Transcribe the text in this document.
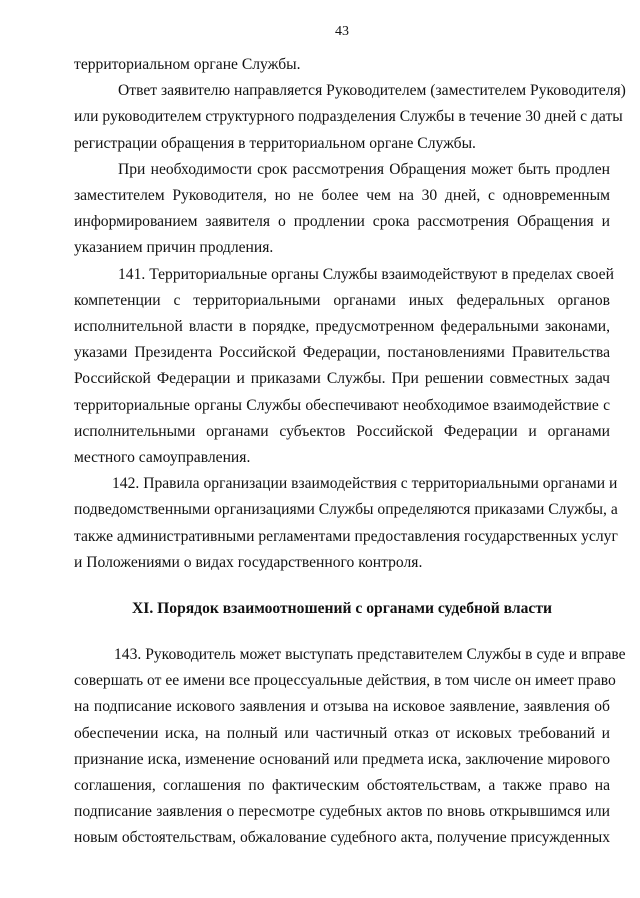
43
территориальном органе Службы.
Ответ заявителю направляется Руководителем (заместителем Руководителя)
или руководителем структурного подразделения Службы в течение 30 дней с даты
регистрации обращения в территориальном органе Службы.
При необходимости срок рассмотрения Обращения может быть продлен
заместителем Руководителя, но не более чем на 30 дней, с одновременным
информированием заявителя о продлении срока рассмотрения Обращения и
указанием причин продления.
141. Территориальные органы Службы взаимодействуют в пределах своей
компетенции с территориальными органами иных федеральных органов
исполнительной власти в порядке, предусмотренном федеральными законами,
указами Президента Российской Федерации, постановлениями Правительства
Российской Федерации и приказами Службы. При решении совместных задач
территориальные органы Службы обеспечивают необходимое взаимодействие с
исполнительными органами субъектов Российской Федерации и органами
местного самоуправления.
142. Правила организации взаимодействия с территориальными органами и
подведомственными организациями Службы определяются приказами Службы, а
также административными регламентами предоставления государственных услуг
и Положениями о видах государственного контроля.
XI. Порядок взаимоотношений с органами судебной власти
143. Руководитель может выступать представителем Службы в суде и вправе
совершать от ее имени все процессуальные действия, в том числе он имеет право
на подписание искового заявления и отзыва на исковое заявление, заявления об
обеспечении иска, на полный или частичный отказ от исковых требований и
признание иска, изменение оснований или предмета иска, заключение мирового
соглашения, соглашения по фактическим обстоятельствам, а также право на
подписание заявления о пересмотре судебных актов по вновь открывшимся или
новым обстоятельствам, обжалование судебного акта, получение присужденных
